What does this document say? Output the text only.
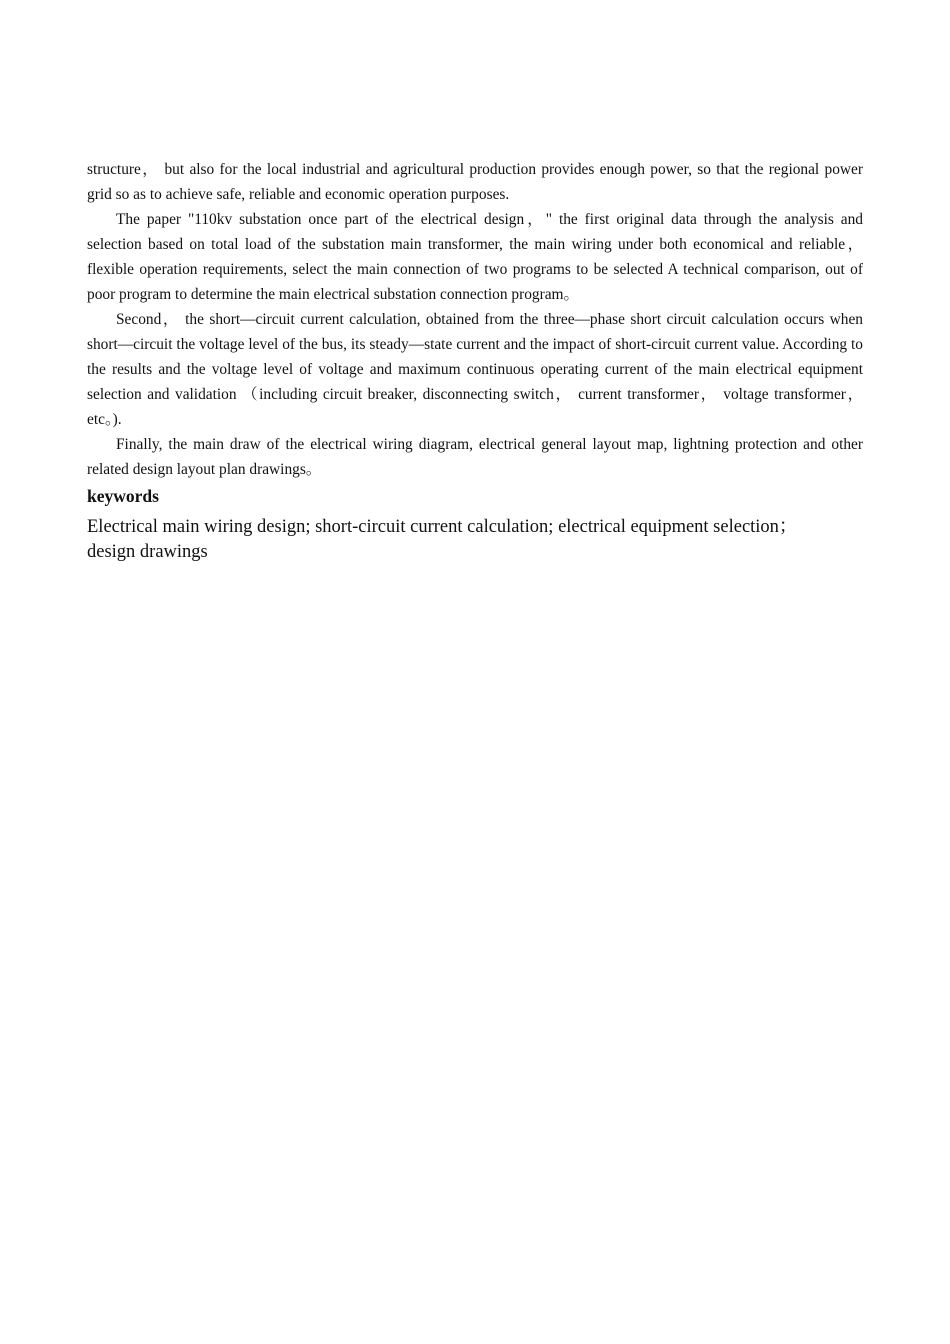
structure， but also for the local industrial and agricultural production provides enough power, so that the regional power grid so as to achieve safe, reliable and economic operation purposes.

The paper "110kv substation once part of the electrical design，" the first original data through the analysis and selection based on total load of the substation main transformer, the main wiring under both economical and reliable， flexible operation requirements, select the main connection of two programs to be selected A technical comparison, out of poor program to determine the main electrical substation connection program。

Second， the short—circuit current calculation, obtained from the three—phase short circuit calculation occurs when short—circuit the voltage level of the bus, its steady—state current and the impact of short-circuit current value. According to the results and the voltage level of voltage and maximum continuous operating current of the main electrical equipment selection and validation （including circuit breaker, disconnecting switch， current transformer， voltage transformer， etc。).

Finally, the main draw of the electrical wiring diagram, electrical general layout map, lightning protection and other related design layout plan drawings。

keywords
Electrical main wiring design; short-circuit current calculation; electrical equipment selection；design drawings
